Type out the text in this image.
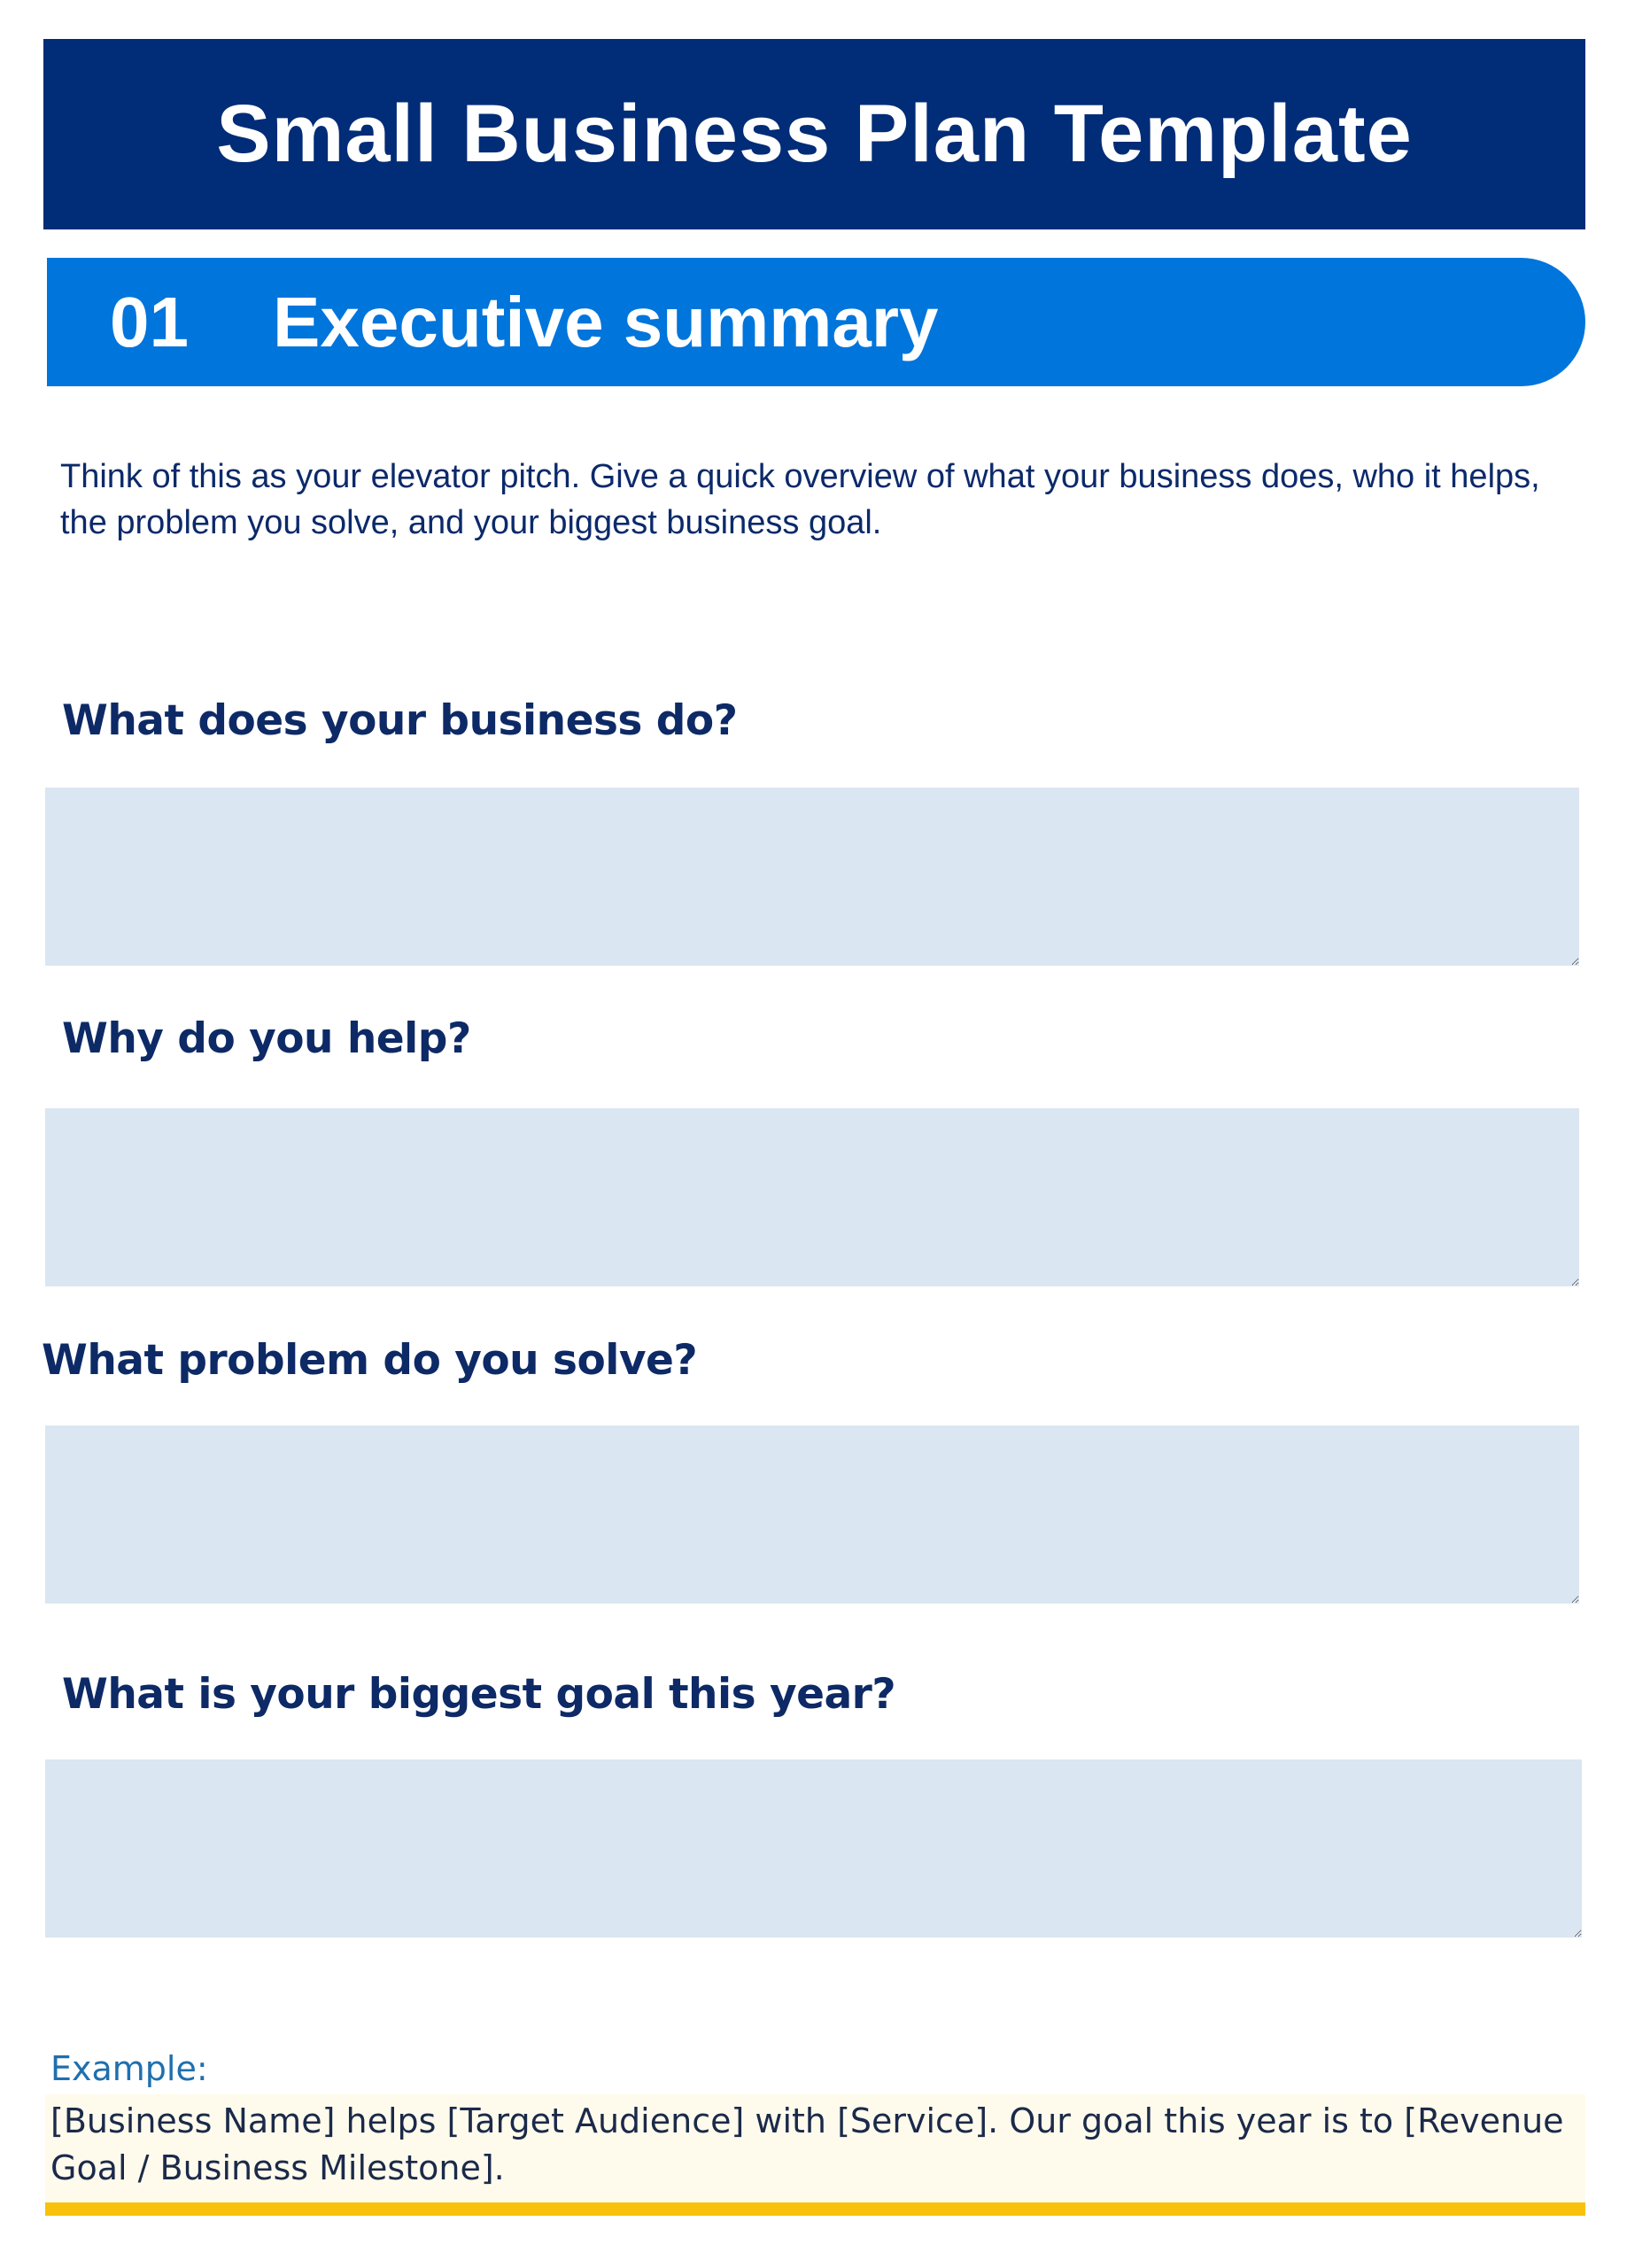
Small Business Plan Template
01 Executive summary
Think of this as your elevator pitch. Give a quick overview of what your business does, who it helps, the problem you solve, and your biggest business goal.
What does your business do?
Why do you help?
What problem do you solve?
What is your biggest goal this year?
Example:
[Business Name] helps [Target Audience] with [Service]. Our goal this year is to [Revenue Goal / Business Milestone].
